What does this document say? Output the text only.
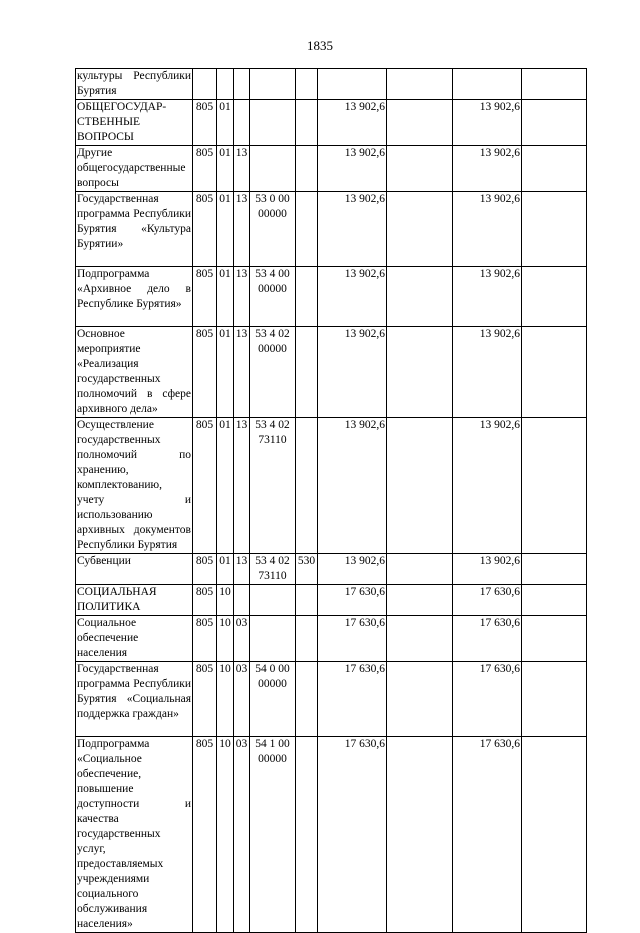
1835
культуры Республики Бурятия									
ОБЩЕГОСУДАР-СТВЕННЫЕ ВОПРОСЫ	805	01				13 902,6		13 902,6	
Другие общегосударственные вопросы	805	01	13			13 902,6		13 902,6	
Государственная программа Республики Бурятия «Культура Бурятии»	805	01	13	53 0 00 00000		13 902,6		13 902,6	
Подпрограмма «Архивное дело в Республике Бурятия»	805	01	13	53 4 00 00000		13 902,6		13 902,6	
Основное мероприятие «Реализация государственных полномочий в сфере архивного дела»	805	01	13	53 4 02 00000		13 902,6		13 902,6	
Осуществление государственных полномочий по хранению, комплектованию, учету и использованию архивных документов Республики Бурятия	805	01	13	53 4 02 73110		13 902,6		13 902,6	
Субвенции	805	01	13	53 4 02 73110	530	13 902,6		13 902,6	
СОЦИАЛЬНАЯ ПОЛИТИКА	805	10				17 630,6		17 630,6	
Социальное обеспечение населения	805	10	03			17 630,6		17 630,6	
Государственная программа Республики Бурятия «Социальная поддержка граждан»	805	10	03	54 0 00 00000		17 630,6		17 630,6	
Подпрограмма «Социальное обеспечение, повышение доступности и качества государственных услуг, предоставляемых учреждениями социального обслуживания населения»	805	10	03	54 1 00 00000		17 630,6		17 630,6	
